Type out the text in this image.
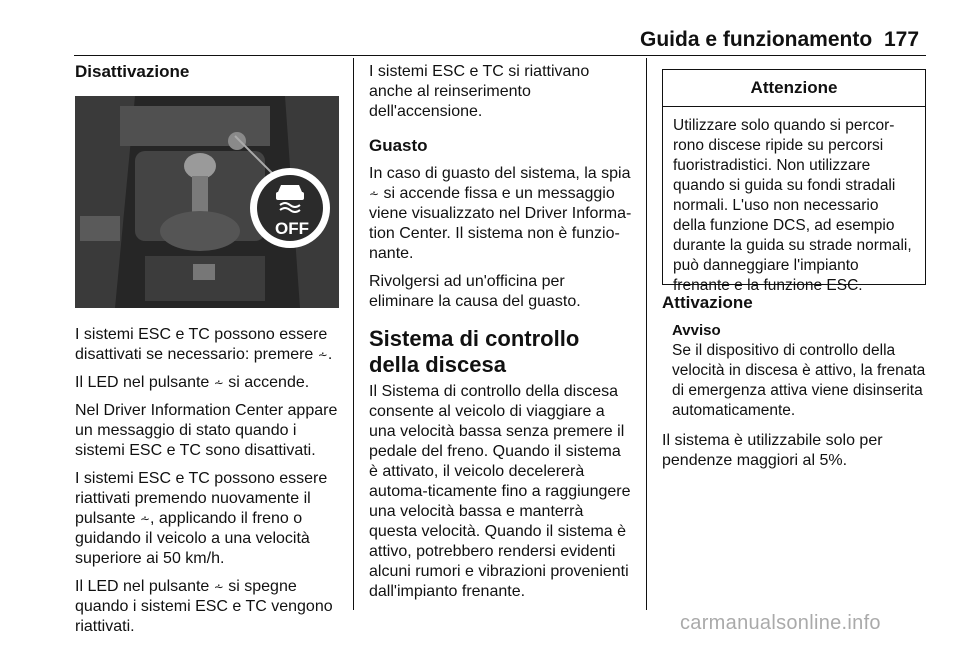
Guida e funzionamento 177
Disattivazione
OFF

I sistemi ESC e TC possono essere disattivati se necessario: premere ⩪.

Il LED nel pulsante ⩪ si accende.

Nel Driver Information Center appare un messaggio di stato quando i sistemi ESC e TC sono disattivati.

I sistemi ESC e TC possono essere riattivati premendo nuovamente il pulsante ⩪, applicando il freno o guidando il veicolo a una velocità superiore ai 50 km/h.

Il LED nel pulsante ⩪ si spegne quando i sistemi ESC e TC vengono riattivati.

I sistemi ESC e TC si riattivano anche al reinserimento dell'accensione.

Guasto

In caso di guasto del sistema, la spia ⩪ si accende fissa e un messaggio viene visualizzato nel Driver Informa-tion Center. Il sistema non è funzio-nante.

Rivolgersi ad un'officina per eliminare la causa del guasto.

Sistema di controllo della discesa

Il Sistema di controllo della discesa consente al veicolo di viaggiare a una velocità bassa senza premere il pedale del freno. Quando il sistema è attivato, il veicolo decelererà automa-ticamente fino a raggiungere una velocità bassa e manterrà questa velocità. Quando il sistema è attivo, potrebbero rendersi evidenti alcuni rumori e vibrazioni provenienti dall'impianto frenante.

Attenzione
Utilizzare solo quando si percor-rono discese ripide su percorsi fuoristradistici. Non utilizzare quando si guida su fondi stradali normali. L'uso non necessario della funzione DCS, ad esempio durante la guida su strade normali, può danneggiare l'impianto frenante e la funzione ESC.
Attivazione
Avviso
Se il dispositivo di controllo della velocità in discesa è attivo, la frenata di emergenza attiva viene disinserita automaticamente.

Il sistema è utilizzabile solo per pendenze maggiori al 5%.

carmanualsonline.info
